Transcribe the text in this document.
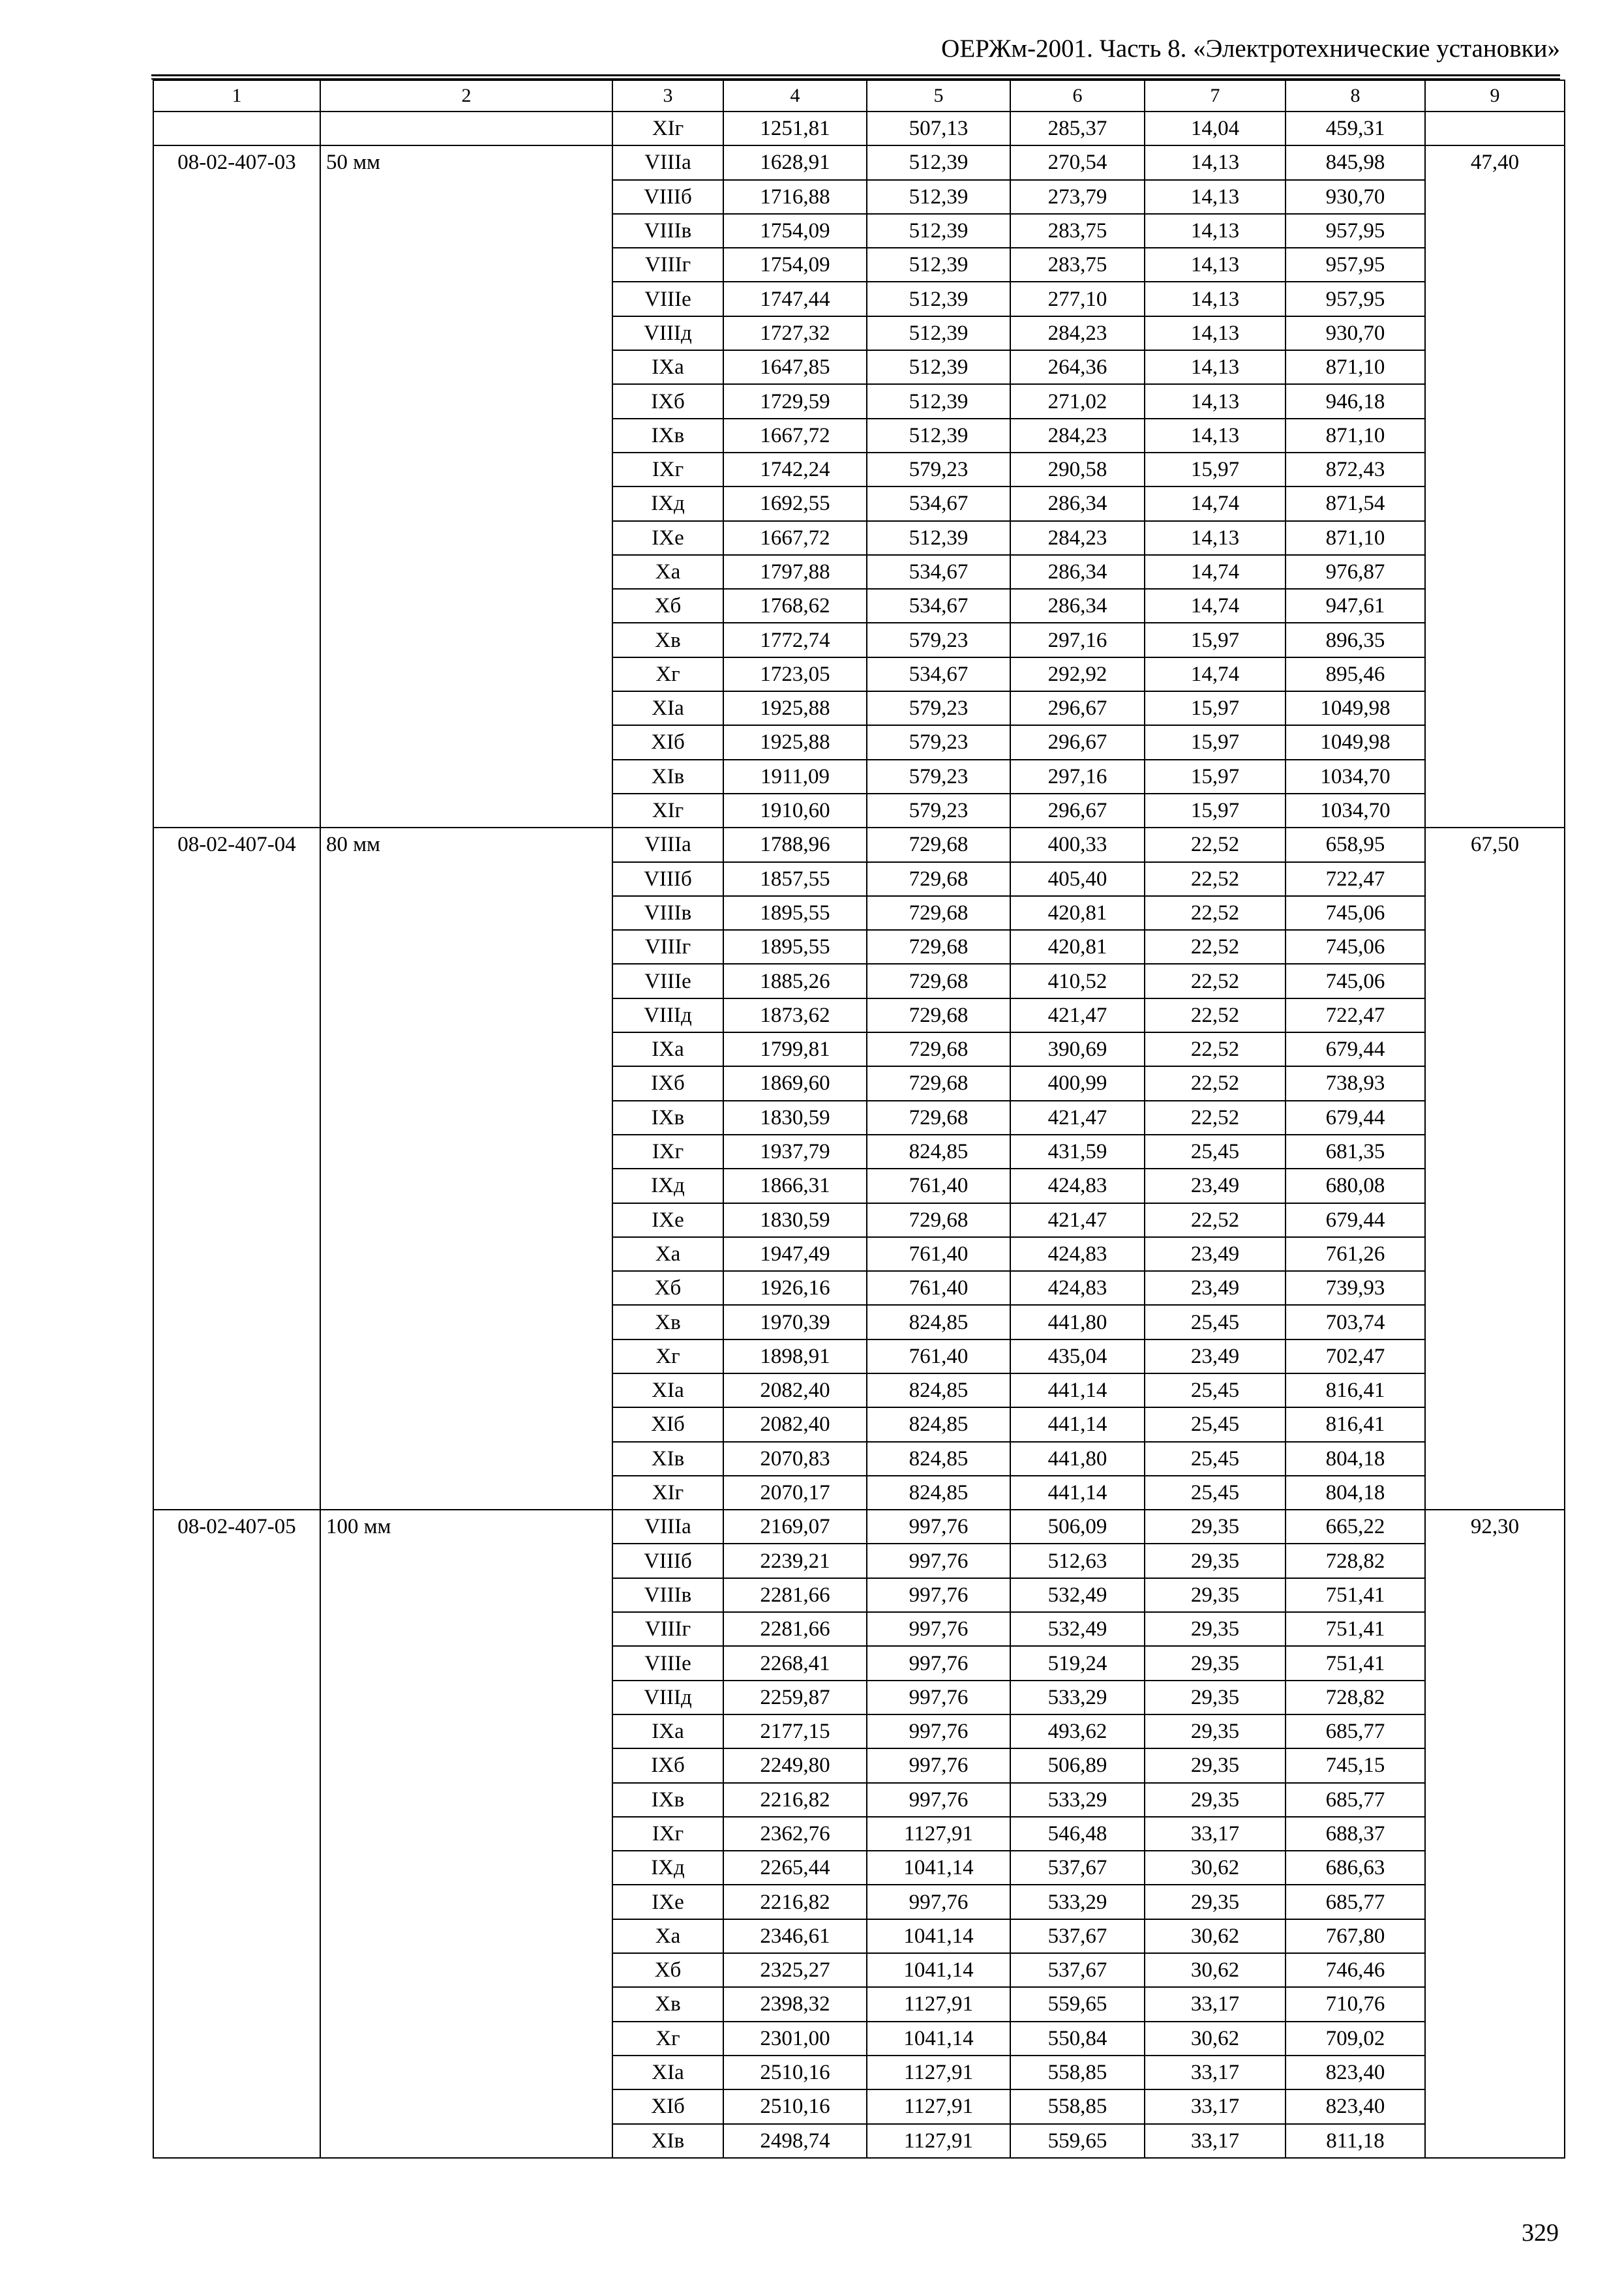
ОЕРЖм-2001. Часть 8. «Электротехнические установки»
1	2	3	4	5	6	7	8	9
		XIг	1251,81	507,13	285,37	14,04	459,31	
08-02-407-03	50 мм	VIIIа	1628,91	512,39	270,54	14,13	845,98	47,40
		VIIIб	1716,88	512,39	273,79	14,13	930,70	
		VIIIв	1754,09	512,39	283,75	14,13	957,95	
		VIIIг	1754,09	512,39	283,75	14,13	957,95	
		VIIIе	1747,44	512,39	277,10	14,13	957,95	
		VIIIд	1727,32	512,39	284,23	14,13	930,70	
		IXа	1647,85	512,39	264,36	14,13	871,10	
		IXб	1729,59	512,39	271,02	14,13	946,18	
		IXв	1667,72	512,39	284,23	14,13	871,10	
		IXг	1742,24	579,23	290,58	15,97	872,43	
		IXд	1692,55	534,67	286,34	14,74	871,54	
		IXе	1667,72	512,39	284,23	14,13	871,10	
		Xа	1797,88	534,67	286,34	14,74	976,87	
		Xб	1768,62	534,67	286,34	14,74	947,61	
		Xв	1772,74	579,23	297,16	15,97	896,35	
		Xг	1723,05	534,67	292,92	14,74	895,46	
		XIа	1925,88	579,23	296,67	15,97	1049,98	
		XIб	1925,88	579,23	296,67	15,97	1049,98	
		XIв	1911,09	579,23	297,16	15,97	1034,70	
		XIг	1910,60	579,23	296,67	15,97	1034,70	
08-02-407-04	80 мм	VIIIа	1788,96	729,68	400,33	22,52	658,95	67,50
		VIIIб	1857,55	729,68	405,40	22,52	722,47	
		VIIIв	1895,55	729,68	420,81	22,52	745,06	
		VIIIг	1895,55	729,68	420,81	22,52	745,06	
		VIIIе	1885,26	729,68	410,52	22,52	745,06	
		VIIIд	1873,62	729,68	421,47	22,52	722,47	
		IXа	1799,81	729,68	390,69	22,52	679,44	
		IXб	1869,60	729,68	400,99	22,52	738,93	
		IXв	1830,59	729,68	421,47	22,52	679,44	
		IXг	1937,79	824,85	431,59	25,45	681,35	
		IXд	1866,31	761,40	424,83	23,49	680,08	
		IXе	1830,59	729,68	421,47	22,52	679,44	
		Xа	1947,49	761,40	424,83	23,49	761,26	
		Xб	1926,16	761,40	424,83	23,49	739,93	
		Xв	1970,39	824,85	441,80	25,45	703,74	
		Xг	1898,91	761,40	435,04	23,49	702,47	
		XIа	2082,40	824,85	441,14	25,45	816,41	
		XIб	2082,40	824,85	441,14	25,45	816,41	
		XIв	2070,83	824,85	441,80	25,45	804,18	
		XIг	2070,17	824,85	441,14	25,45	804,18	
08-02-407-05	100 мм	VIIIа	2169,07	997,76	506,09	29,35	665,22	92,30
		VIIIб	2239,21	997,76	512,63	29,35	728,82	
		VIIIв	2281,66	997,76	532,49	29,35	751,41	
		VIIIг	2281,66	997,76	532,49	29,35	751,41	
		VIIIе	2268,41	997,76	519,24	29,35	751,41	
		VIIIд	2259,87	997,76	533,29	29,35	728,82	
		IXа	2177,15	997,76	493,62	29,35	685,77	
		IXб	2249,80	997,76	506,89	29,35	745,15	
		IXв	2216,82	997,76	533,29	29,35	685,77	
		IXг	2362,76	1127,91	546,48	33,17	688,37	
		IXд	2265,44	1041,14	537,67	30,62	686,63	
		IXе	2216,82	997,76	533,29	29,35	685,77	
		Xа	2346,61	1041,14	537,67	30,62	767,80	
		Xб	2325,27	1041,14	537,67	30,62	746,46	
		Xв	2398,32	1127,91	559,65	33,17	710,76	
		Xг	2301,00	1041,14	550,84	30,62	709,02	
		XIа	2510,16	1127,91	558,85	33,17	823,40	
		XIб	2510,16	1127,91	558,85	33,17	823,40	
		XIв	2498,74	1127,91	559,65	33,17	811,18	
329
